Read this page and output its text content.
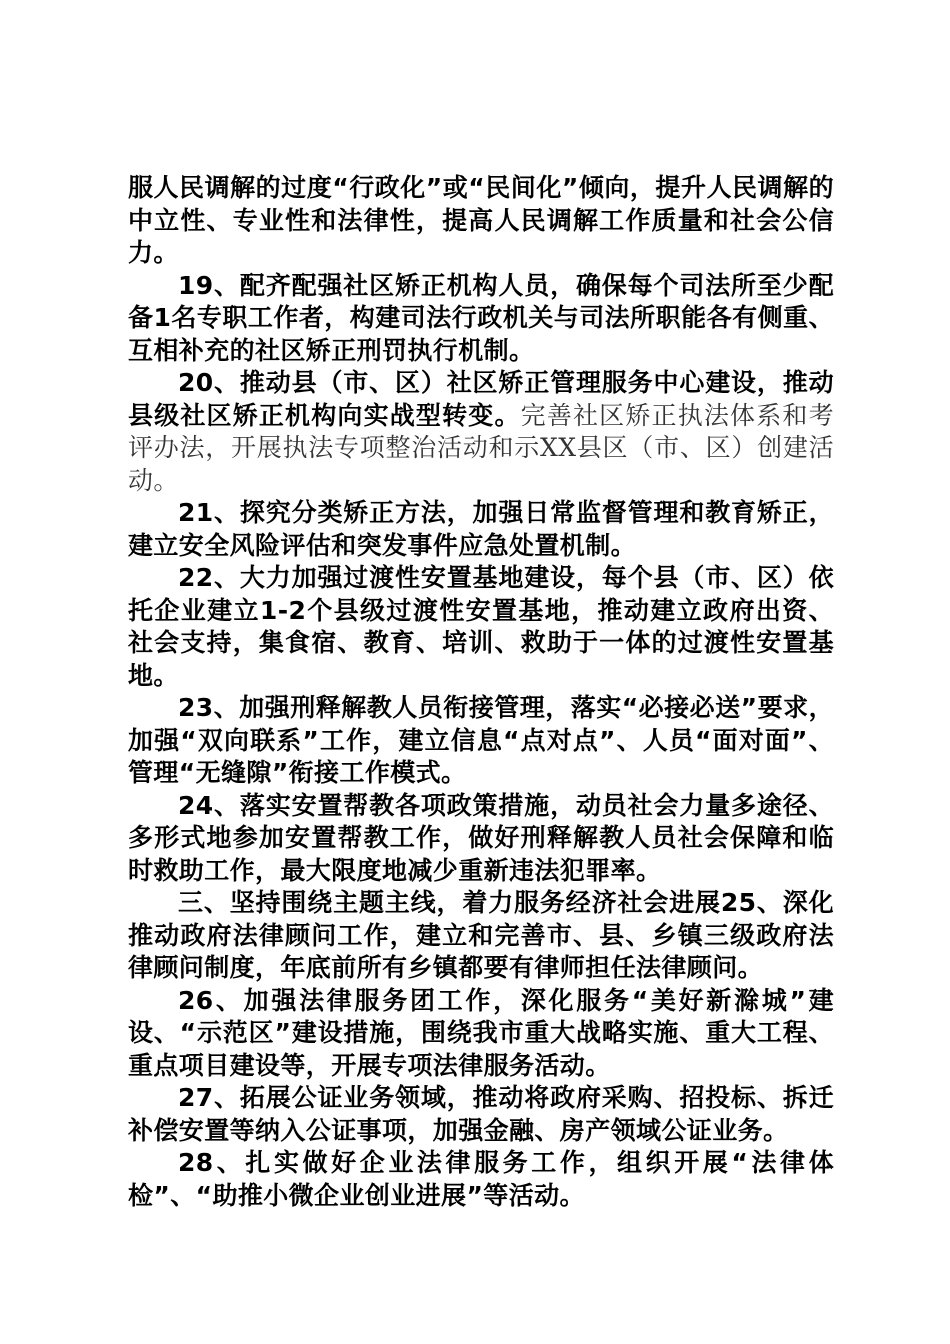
服人民调解的过度“行政化”或“民间化”倾向，提升人民调解的中立性、专业性和法律性，提高人民调解工作质量和社会公信力。

19、配齐配强社区矫正机构人员，确保每个司法所至少配备1名专职工作者，构建司法行政机关与司法所职能各有侧重、互相补充的社区矫正刑罚执行机制。

20、推动县（市、区）社区矫正管理服务中心建设，推动县级社区矫正机构向实战型转变。完善社区矫正执法体系和考评办法，开展执法专项整治活动和示XX县区（市、区）创建活动。

21、探究分类矫正方法，加强日常监督管理和教育矫正，建立安全风险评估和突发事件应急处置机制。

22、大力加强过渡性安置基地建设，每个县（市、区）依托企业建立1-2个县级过渡性安置基地，推动建立政府出资、社会支持，集食宿、教育、培训、救助于一体的过渡性安置基地。

23、加强刑释解教人员衔接管理，落实“必接必送”要求，加强“双向联系”工作，建立信息“点对点”、人员“面对面”、管理“无缝隙”衔接工作模式。

24、落实安置帮教各项政策措施，动员社会力量多途径、多形式地参加安置帮教工作，做好刑释解教人员社会保障和临时救助工作，最大限度地减少重新违法犯罪率。

三、坚持围绕主题主线，着力服务经济社会进展25、深化推动政府法律顾问工作，建立和完善市、县、乡镇三级政府法律顾问制度，年底前所有乡镇都要有律师担任法律顾问。

26、加强法律服务团工作，深化服务“美好新滁城”建设、“示范区”建设措施，围绕我市重大战略实施、重大工程、重点项目建设等，开展专项法律服务活动。

27、拓展公证业务领域，推动将政府采购、招投标、拆迁补偿安置等纳入公证事项，加强金融、房产领域公证业务。

28、扎实做好企业法律服务工作，组织开展“法律体检”、“助推小微企业创业进展”等活动。
